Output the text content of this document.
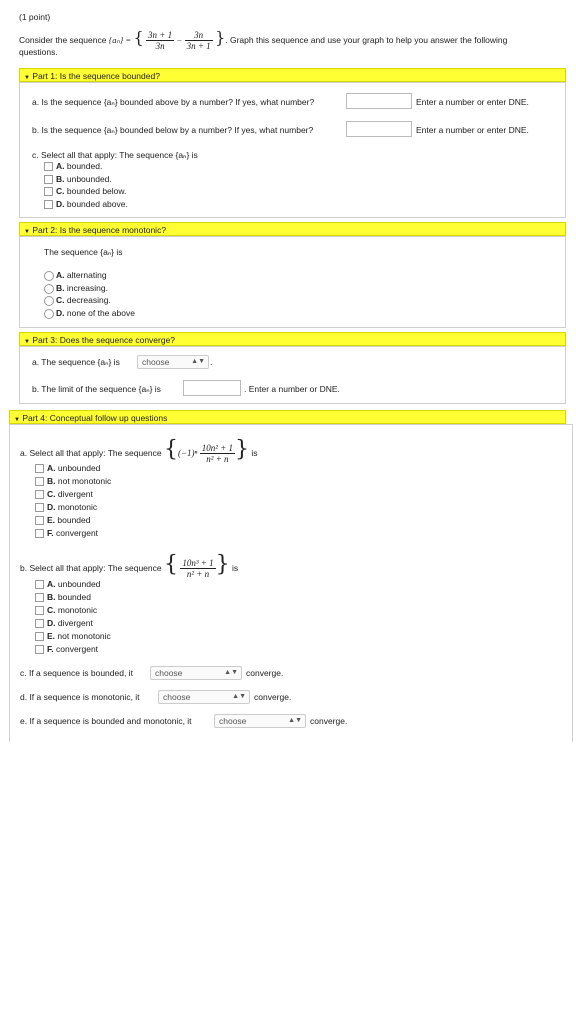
(1 point)
Consider the sequence {aₙ} = { $\frac{3n + 1}{3n} - \frac{3n}{3n + 1}$ }. Graph this sequence and use your graph to help you answer the following
questions.
▼ Part 1: Is the sequence bounded?
a. Is the sequence {aₙ} bounded above by a number? If yes, what number?	Enter a number or enter DNE.
b. Is the sequence {aₙ} bounded below by a number? If yes, what number?	Enter a number or enter DNE.
c. Select all that apply: The sequence {aₙ} is
A. bounded.
B. unbounded.
C. bounded below.
D. bounded above.
▼ Part 2: Is the sequence monotonic?
The sequence {aₙ} is
A. alternating
B. increasing.
C. decreasing.
D. none of the above
▼ Part 3: Does the sequence converge?
a. The sequence {aₙ} is	choose	▲▼ .
b. The limit of the sequence {aₙ} is	. Enter a number or DNE.
▼ Part 4: Conceptual follow up questions
a. Select all that apply: The sequence {$(-1)^n \frac{\text{10n² + 1}}{\text{n² + n}}$ } is
A. unbounded
B. not monotonic
C. divergent
D. monotonic
E. bounded
F. convergent
b. Select all that apply: The sequence { $\frac{\text{10n³ + 1}}{\text{n² + n}}$ } is
A. unbounded
B. bounded
C. monotonic
D. divergent
E. not monotonic
F. convergent
c. If a sequence is bounded, it	choose	▲▼ converge.
d. If a sequence is monotonic, it	choose	▲▼ converge.
e. If a sequence is bounded and monotonic, it	choose	▲▼ converge.
